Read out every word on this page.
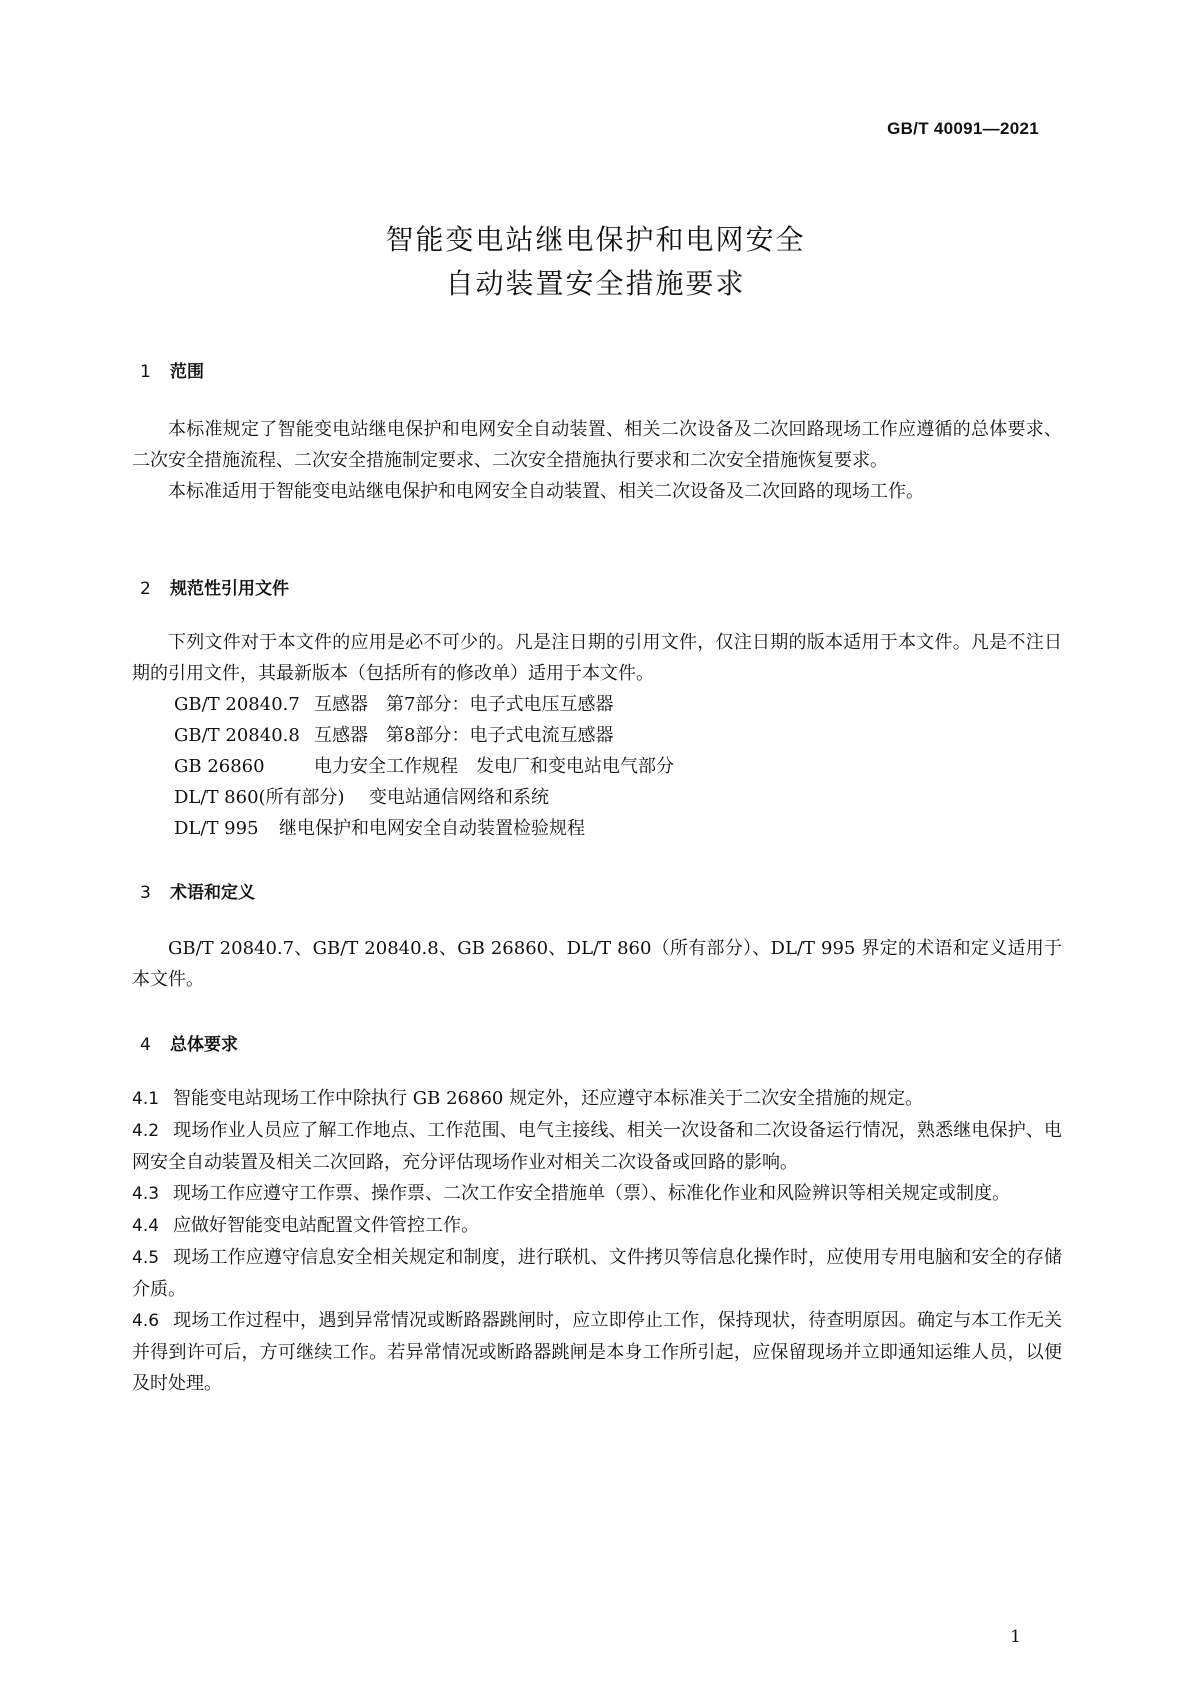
GB/T 40091—2021
智能变电站继电保护和电网安全
自动装置安全措施要求
1 范围

本标准规定了智能变电站继电保护和电网安全自动装置、相关二次设备及二次回路现场工作应遵循的总体要求、二次安全措施流程、二次安全措施制定要求、二次安全措施执行要求和二次安全措施恢复要求。

本标准适用于智能变电站继电保护和电网安全自动装置、相关二次设备及二次回路的现场工作。

2 规范性引用文件

下列文件对于本文件的应用是必不可少的。凡是注日期的引用文件，仅注日期的版本适用于本文件。凡是不注日期的引用文件，其最新版本（包括所有的修改单）适用于本文件。

GB/T 20840.7 互感器　第7部分：电子式电压互感器

GB/T 20840.8 互感器　第8部分：电子式电流互感器

GB 26860	电力安全工作规程　发电厂和变电站电气部分

DL/T 860(所有部分) 变电站通信网络和系统

DL/T 995 继电保护和电网安全自动装置检验规程

3 术语和定义

GB/T 20840.7、GB/T 20840.8、GB 26860、DL/T 860（所有部分）、DL/T 995 界定的术语和定义适用于本文件。

4 总体要求

4.1 智能变电站现场工作中除执行 GB 26860 规定外，还应遵守本标准关于二次安全措施的规定。

4.2 现场作业人员应了解工作地点、工作范围、电气主接线、相关一次设备和二次设备运行情况，熟悉继电保护、电网安全自动装置及相关二次回路，充分评估现场作业对相关二次设备或回路的影响。

4.3 现场工作应遵守工作票、操作票、二次工作安全措施单（票）、标准化作业和风险辨识等相关规定或制度。

4.4 应做好智能变电站配置文件管控工作。

4.5 现场工作应遵守信息安全相关规定和制度，进行联机、文件拷贝等信息化操作时，应使用专用电脑和安全的存储介质。

4.6 现场工作过程中，遇到异常情况或断路器跳闸时，应立即停止工作，保持现状，待查明原因。确定与本工作无关并得到许可后，方可继续工作。若异常情况或断路器跳闸是本身工作所引起，应保留现场并立即通知运维人员，以便及时处理。

1
